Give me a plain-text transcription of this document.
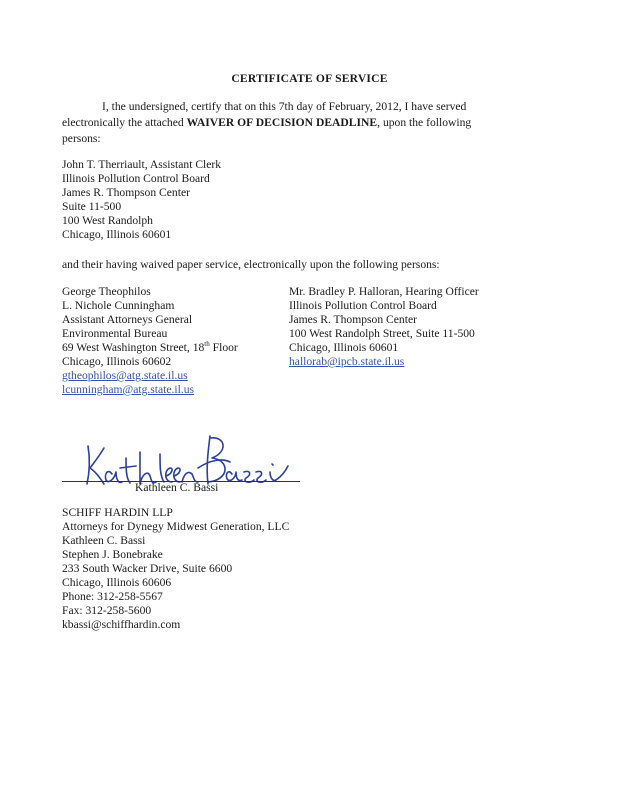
CERTIFICATE OF SERVICE
I, the undersigned, certify that on this 7th day of February, 2012, I have served electronically the attached WAIVER OF DECISION DEADLINE, upon the following persons:
John T. Therriault, Assistant Clerk
Illinois Pollution Control Board
James R. Thompson Center
Suite 11-500
100 West Randolph
Chicago, Illinois 60601
and their having waived paper service, electronically upon the following persons:
George Theophilos
L. Nichole Cunningham
Assistant Attorneys General
Environmental Bureau
69 West Washington Street, 18th Floor
Chicago, Illinois 60602
gtheophilos@atg.state.il.us
lcunningham@atg.state.il.us
Mr. Bradley P. Halloran, Hearing Officer
Illinois Pollution Control Board
James R. Thompson Center
100 West Randolph Street, Suite 11-500
Chicago, Illinois 60601
hallorab@ipcb.state.il.us
Kathleen C. Bassi
SCHIFF HARDIN LLP
Attorneys for Dynegy Midwest Generation, LLC
Kathleen C. Bassi
Stephen J. Bonebrake
233 South Wacker Drive, Suite 6600
Chicago, Illinois 60606
Phone: 312-258-5567
Fax: 312-258-5600
kbassi@schiffhardin.com
